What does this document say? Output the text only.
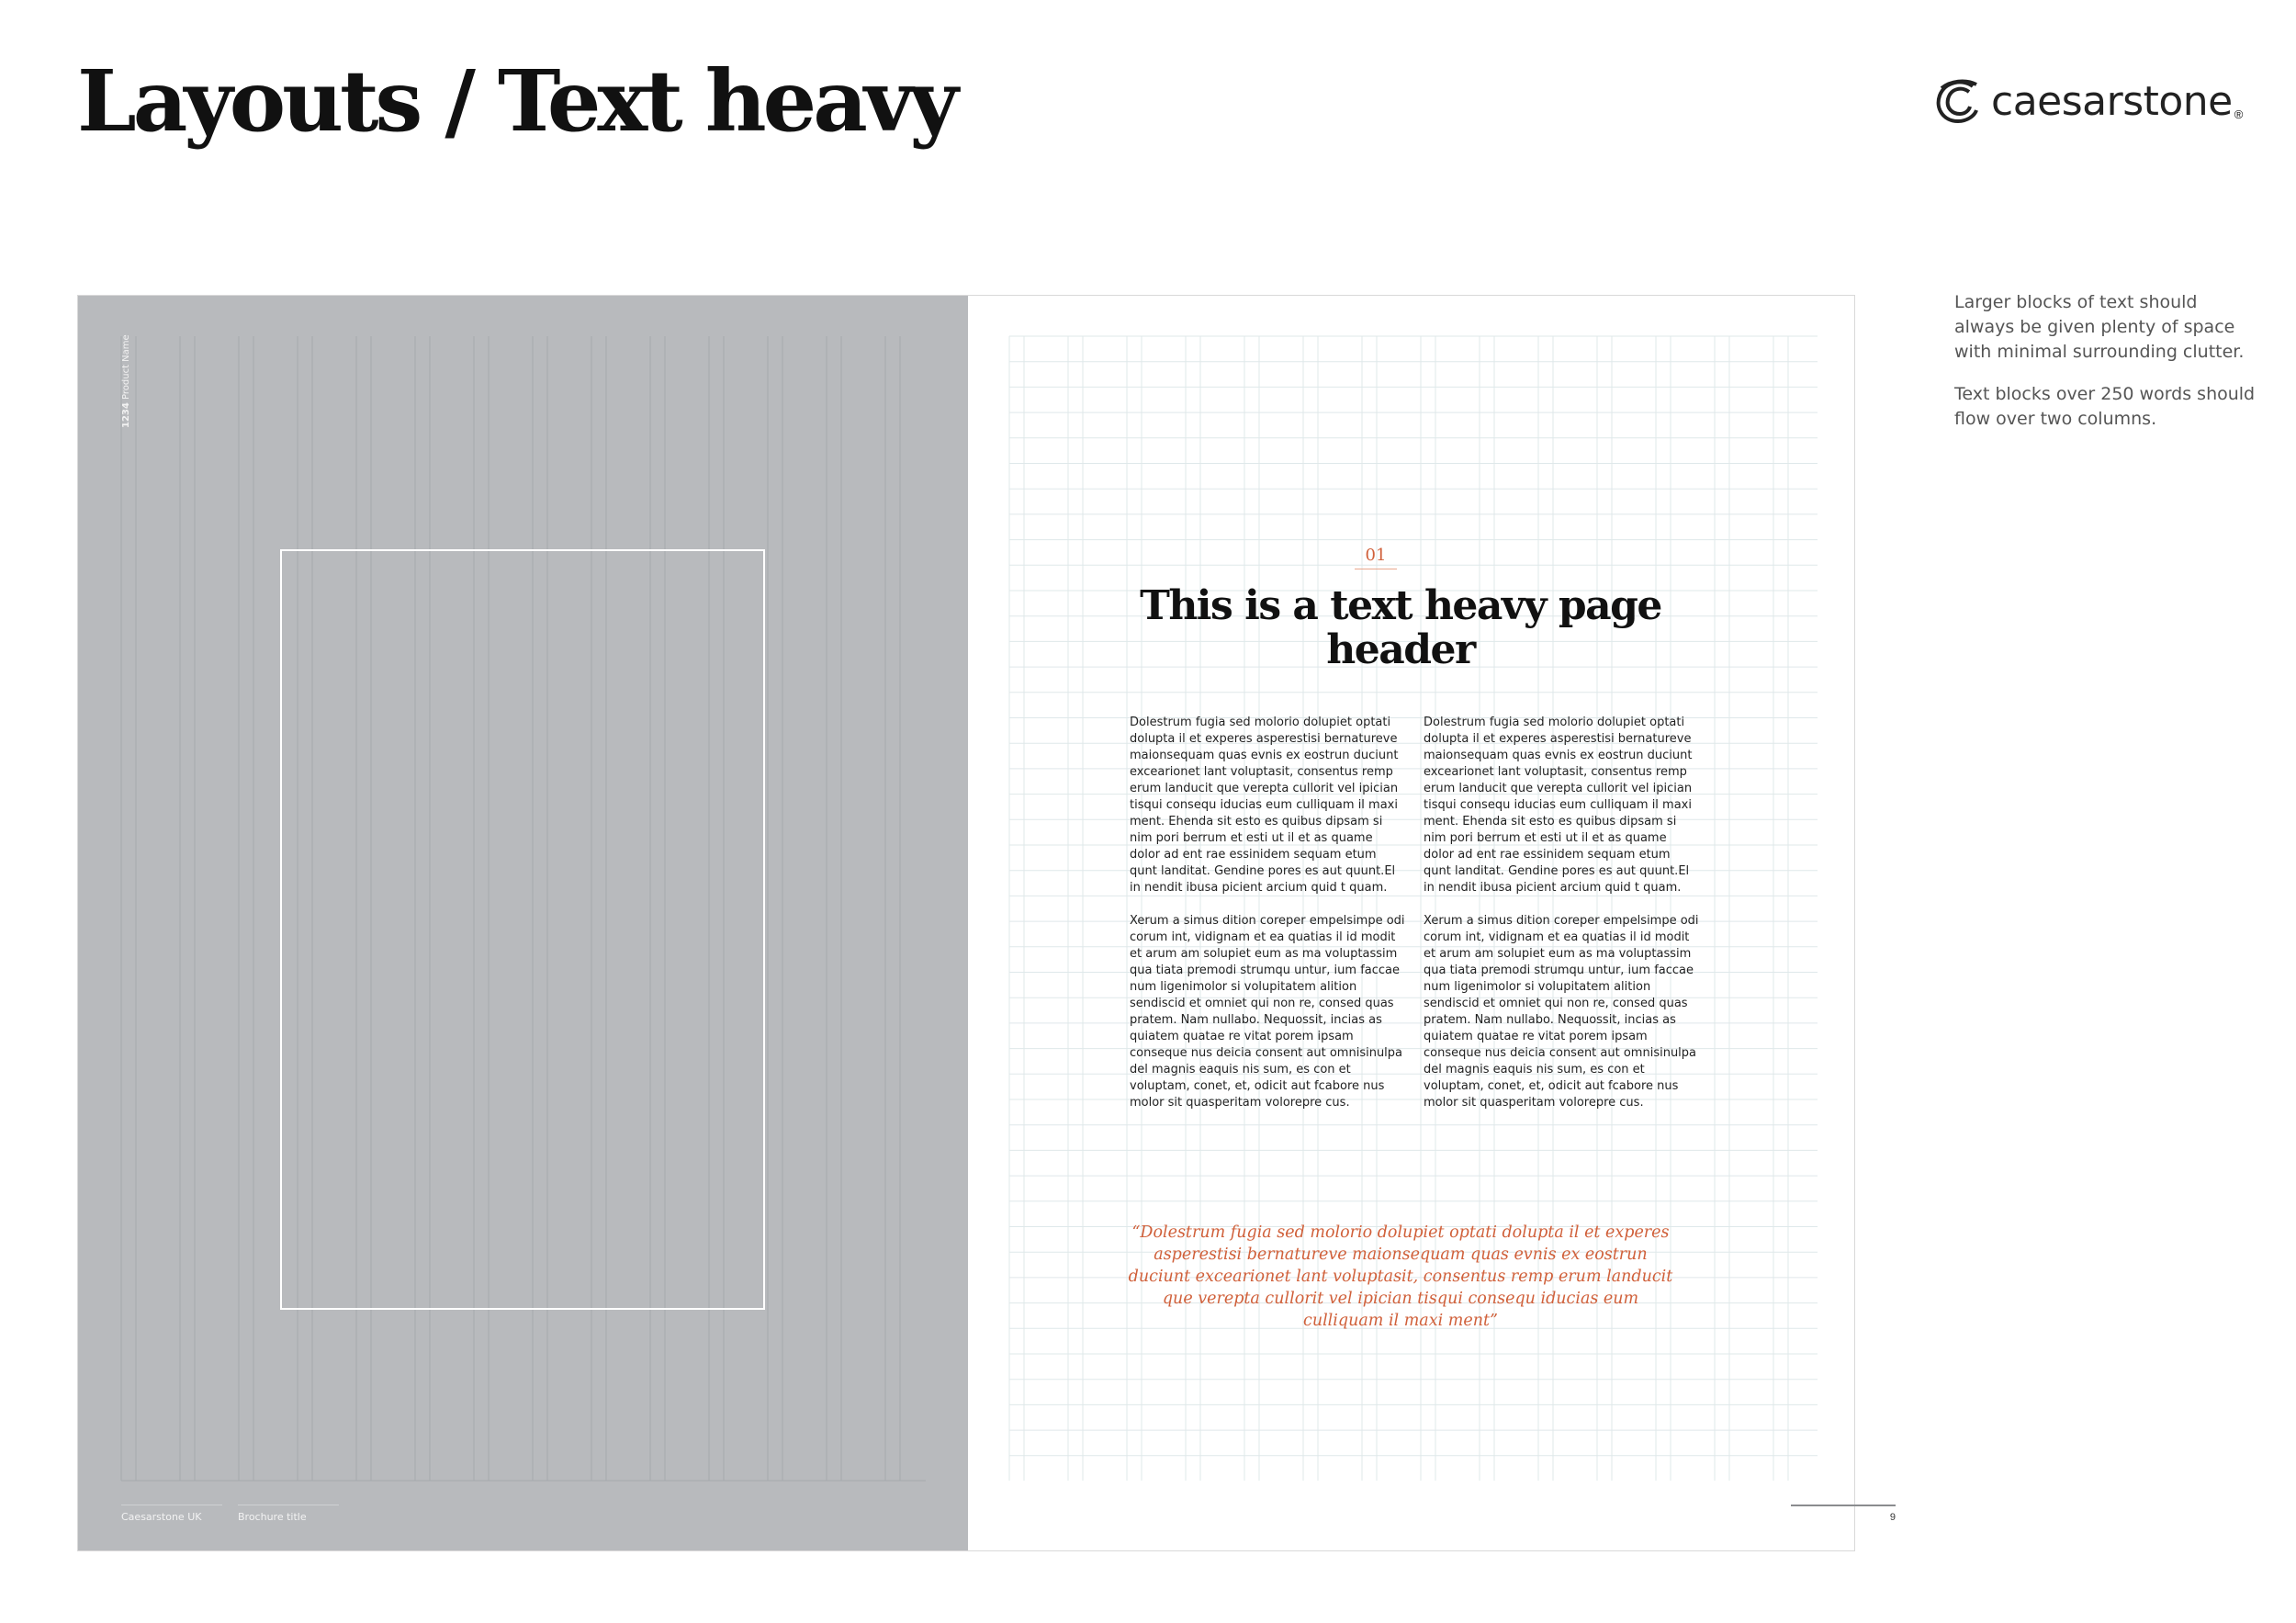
Layouts / Text heavy	caesarstone ®

Larger blocks of text should always be given plenty of space with minimal surrounding clutter.

Text blocks over 250 words should flow over two columns.

1234 Product Name
Caesarstone UK	Brochure title
01
This is a text heavy page header

Dolestrum fugia sed molorio dolupiet optati dolupta il et experes asperestisi bernatureve maionsequam quas evnis ex eostrun duciunt excearionet lant voluptasit, consentus remp erum landucit que verepta cullorit vel ipician tisqui consequ iducias eum culliquam il maxi ment. Ehenda sit esto es quibus dipsam si nim pori berrum et esti ut il et as quame dolor ad ent rae essinidem sequam etum qunt landitat. Gendine pores es aut quunt.El in nendit ibusa picient arcium quid t quam.

Xerum a simus dition coreper empelsimpe odi corum int, vidignam et ea quatias il id modit et arum am solupiet eum as ma voluptassim qua tiata premodi strumqu untur, ium faccae num ligenimolor si volupitatem alition sendiscid et omniet qui non re, consed quas pratem. Nam nullabo. Nequossit, incias as quiatem quatae re vitat porem ipsam conseque nus deicia consent aut omnisinulpa del magnis eaquis nis sum, es con et voluptam, conet, et, odicit aut fcabore nus molor sit quasperitam volorepre cus.

Dolestrum fugia sed molorio dolupiet optati dolupta il et experes asperestisi bernatureve maionsequam quas evnis ex eostrun duciunt excearionet lant voluptasit, consentus remp erum landucit que verepta cullorit vel ipician tisqui consequ iducias eum culliquam il maxi ment. Ehenda sit esto es quibus dipsam si nim pori berrum et esti ut il et as quame dolor ad ent rae essinidem sequam etum qunt landitat. Gendine pores es aut quunt.El in nendit ibusa picient arcium quid t quam.

Xerum a simus dition coreper empelsimpe odi corum int, vidignam et ea quatias il id modit et arum am solupiet eum as ma voluptassim qua tiata premodi strumqu untur, ium faccae num ligenimolor si volupitatem alition sendiscid et omniet qui non re, consed quas pratem. Nam nullabo. Nequossit, incias as quiatem quatae re vitat porem ipsam conseque nus deicia consent aut omnisinulpa del magnis eaquis nis sum, es con et voluptam, conet, et, odicit aut fcabore nus molor sit quasperitam volorepre cus.

“Dolestrum fugia sed molorio dolupiet optati dolupta il et experes asperestisi bernatureve maionsequam quas evnis ex eostrun duciunt excearionet lant voluptasit, consentus remp erum landucit que verepta cullorit vel ipician tisqui consequ iducias eum culliquam il maxi ment”

9
